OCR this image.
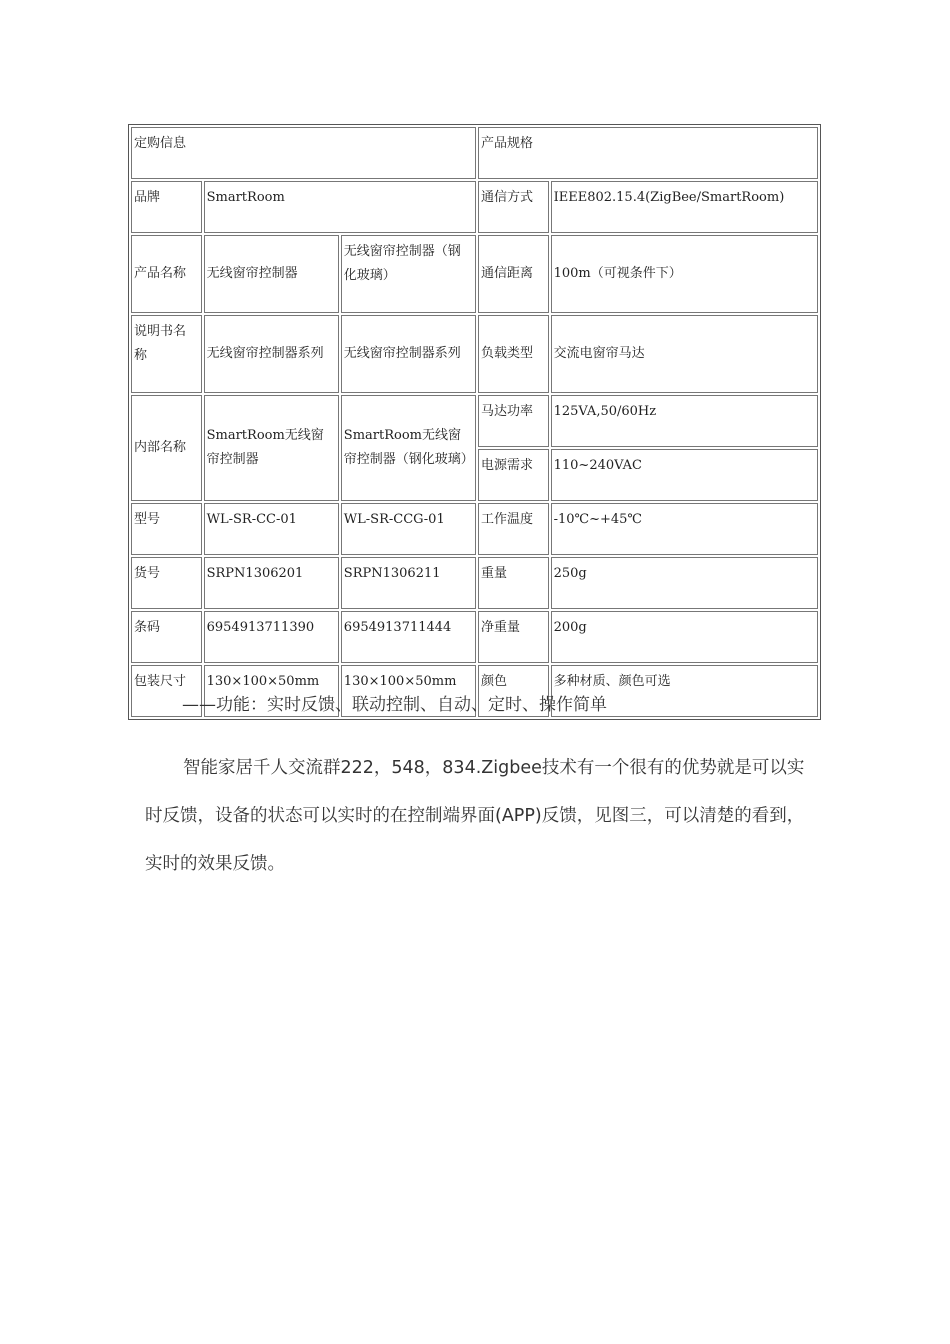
定购信息			产品规格	
品牌	SmartRoom		通信方式	IEEE802.15.4(ZigBee/SmartRoom)
产品名称	无线窗帘控制器	无线窗帘控制器（钢化玻璃）	通信距离	100m（可视条件下）
说明书名称	无线窗帘控制器系列	无线窗帘控制器系列	负载类型	交流电窗帘马达
内部名称	SmartRoom无线窗帘控制器	SmartRoom无线窗帘控制器（钢化玻璃）	马达功率	125VA,50/60Hz
			电源需求	110~240VAC
型号	WL-SR-CC-01	WL-SR-CCG-01	工作温度	-10℃~+45℃
货号	SRPN1306201	SRPN1306211	重量	250g
条码	6954913711390	6954913711444	净重量	200g
包装尺寸	130×100×50mm	130×100×50mm	颜色	多种材质、颜色可选
——功能：实时反馈、联动控制、自动、定时、操作简单

智能家居千人交流群222，548，834.Zigbee技术有一个很有的优势就是可以实时反馈，设备的状态可以实时的在控制端界面(APP)反馈，见图三，可以清楚的看到，实时的效果反馈。
